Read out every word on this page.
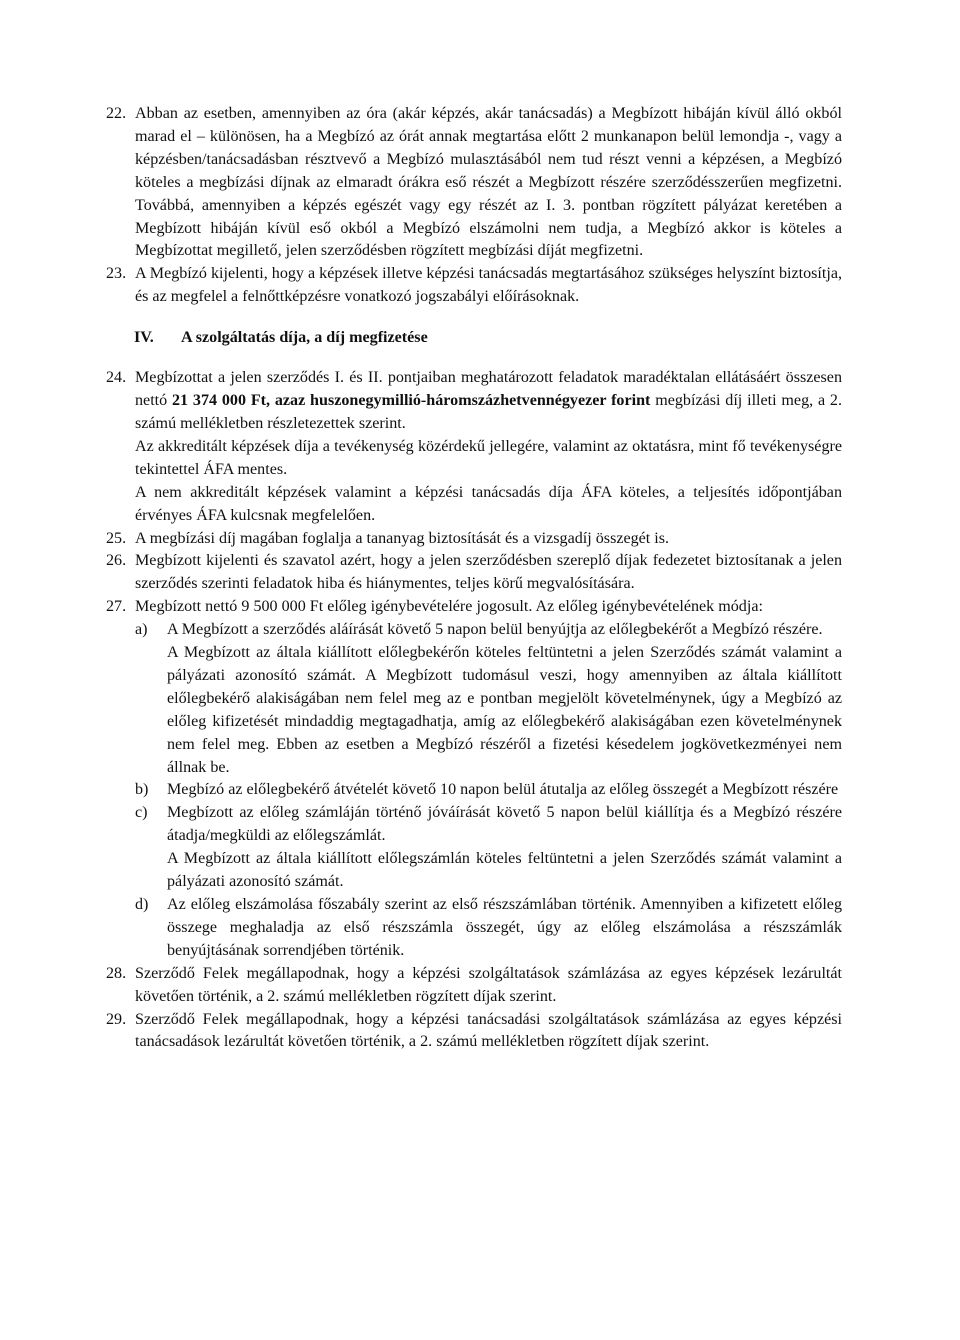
22. Abban az esetben, amennyiben az óra (akár képzés, akár tanácsadás) a Megbízott hibáján kívül álló okból marad el – különösen, ha a Megbízó az órát annak megtartása előtt 2 munkanapon belül lemondja -, vagy a képzésben/tanácsadásban résztvevő a Megbízó mulasztásából nem tud részt venni a képzésen, a Megbízó köteles a megbízási díjnak az elmaradt órákra eső részét a Megbízott részére szerződésszerűen megfizetni. Továbbá, amennyiben a képzés egészét vagy egy részét az I. 3. pontban rögzített pályázat keretében a Megbízott hibáján kívül eső okból a Megbízó elszámolni nem tudja, a Megbízó akkor is köteles a Megbízottat megillető, jelen szerződésben rögzített megbízási díját megfizetni.

23. A Megbízó kijelenti, hogy a képzések illetve képzési tanácsadás megtartásához szükséges helyszínt biztosítja, és az megfelel a felnőttképzésre vonatkozó jogszabályi előírásoknak.

IV. A szolgáltatás díja, a díj megfizetése
24. Megbízottat a jelen szerződés I. és II. pontjaiban meghatározott feladatok maradéktalan ellátásáért összesen nettó 21 374 000 Ft, azaz huszonegymillió-háromszázhetvennégyezer forint megbízási díj illeti meg, a 2. számú mellékletben részletezettek szerint.

Az akkreditált képzések díja a tevékenység közérdekű jellegére, valamint az oktatásra, mint fő tevékenységre tekintettel ÁFA mentes.

A nem akkreditált képzések valamint a képzési tanácsadás díja ÁFA köteles, a teljesítés időpontjában érvényes ÁFA kulcsnak megfelelően.

25. A megbízási díj magában foglalja a tananyag biztosítását és a vizsgadíj összegét is.

26. Megbízott kijelenti és szavatol azért, hogy a jelen szerződésben szereplő díjak fedezetet biztosítanak a jelen szerződés szerinti feladatok hiba és hiánymentes, teljes körű megvalósítására.

27. Megbízott nettó 9 500 000 Ft előleg igénybevételére jogosult. Az előleg igénybevételének módja:

a) A Megbízott a szerződés aláírását követő 5 napon belül benyújtja az előlegbekérőt a Megbízó részére.

A Megbízott az általa kiállított előlegbekérőn köteles feltüntetni a jelen Szerződés számát valamint a pályázati azonosító számát. A Megbízott tudomásul veszi, hogy amennyiben az általa kiállított előlegbekérő alakiságában nem felel meg az e pontban megjelölt követelménynek, úgy a Megbízó az előleg kifizetését mindaddig megtagadhatja, amíg az előlegbekérő alakiságában ezen követelménynek nem felel meg. Ebben az esetben a Megbízó részéről a fizetési késedelem jogkövetkezményei nem állnak be.

b) Megbízó az előlegbekérő átvételét követő 10 napon belül átutalja az előleg összegét a Megbízott részére

c) Megbízott az előleg számláján történő jóváírását követő 5 napon belül kiállítja és a Megbízó részére átadja/megküldi az előlegszámlát.

A Megbízott az általa kiállított előlegszámlán köteles feltüntetni a jelen Szerződés számát valamint a pályázati azonosító számát.

d) Az előleg elszámolása főszabály szerint az első részszámlában történik. Amennyiben a kifizetett előleg összege meghaladja az első részszámla összegét, úgy az előleg elszámolása a részszámlák benyújtásának sorrendjében történik.

28. Szerződő Felek megállapodnak, hogy a képzési szolgáltatások számlázása az egyes képzések lezárultát követően történik, a 2. számú mellékletben rögzített díjak szerint.

29. Szerződő Felek megállapodnak, hogy a képzési tanácsadási szolgáltatások számlázása az egyes képzési tanácsadások lezárultát követően történik, a 2. számú mellékletben rögzített díjak szerint.
